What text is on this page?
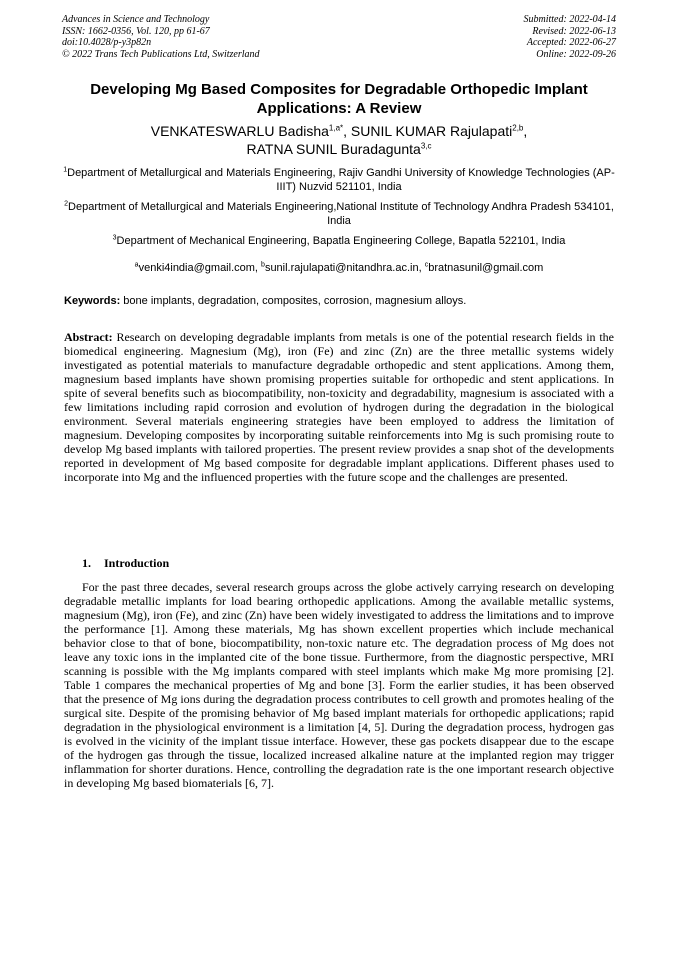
Advances in Science and Technology
ISSN: 1662-0356, Vol. 120, pp 61-67
doi:10.4028/p-y3p82n
© 2022 Trans Tech Publications Ltd, Switzerland
Submitted: 2022-04-14
Revised: 2022-06-13
Accepted: 2022-06-27
Online: 2022-09-26
Developing Mg Based Composites for Degradable Orthopedic Implant Applications: A Review
VENKATESWARLU Badisha$^{1,a*}$, SUNIL KUMAR Rajulapati$^{2,b}$,
RATNA SUNIL Buradagunta$^{3,c}$
$^1$Department of Metallurgical and Materials Engineering, Rajiv Gandhi University of Knowledge Technologies (AP-IIIT) Nuzvid 521101, India
$^2$Department of Metallurgical and Materials Engineering,National Institute of Technology Andhra Pradesh 534101, India
$^3$Department of Mechanical Engineering, Bapatla Engineering College, Bapatla 522101, India
$^a$venki4india@gmail.com, $^b$sunil.rajulapati@nitandhra.ac.in, $^c$bratnasunil@gmail.com
Keywords: bone implants, degradation, composites, corrosion, magnesium alloys.
Abstract: Research on developing degradable implants from metals is one of the potential research fields in the biomedical engineering. Magnesium (Mg), iron (Fe) and zinc (Zn) are the three metallic systems widely investigated as potential materials to manufacture degradable orthopedic and stent applications. Among them, magnesium based implants have shown promising properties suitable for orthopedic and stent applications. In spite of several benefits such as biocompatibility, non-toxicity and degradability, magnesium is associated with a few limitations including rapid corrosion and evolution of hydrogen during the degradation in the biological environment. Several materials engineering strategies have been employed to address the limitation of magnesium. Developing composites by incorporating suitable reinforcements into Mg is such promising route to develop Mg based implants with tailored properties. The present review provides a snap shot of the developments reported in development of Mg based composite for degradable implant applications. Different phases used to incorporate into Mg and the influenced properties with the future scope and the challenges are presented.
1. Introduction
For the past three decades, several research groups across the globe actively carrying research on developing degradable metallic implants for load bearing orthopedic applications. Among the available metallic systems, magnesium (Mg), iron (Fe), and zinc (Zn) have been widely investigated to address the limitations and to improve the performance [1]. Among these materials, Mg has shown excellent properties which include mechanical behavior close to that of bone, biocompatibility, non-toxic nature etc. The degradation process of Mg does not leave any toxic ions in the implanted cite of the bone tissue. Furthermore, from the diagnostic perspective, MRI scanning is possible with the Mg implants compared with steel implants which make Mg more promising [2]. Table 1 compares the mechanical properties of Mg and bone [3]. Form the earlier studies, it has been observed that the presence of Mg ions during the degradation process contributes to cell growth and promotes healing of the surgical site. Despite of the promising behavior of Mg based implant materials for orthopedic applications; rapid degradation in the physiological environment is a limitation [4, 5]. During the degradation process, hydrogen gas is evolved in the vicinity of the implant tissue interface. However, these gas pockets disappear due to the escape of the hydrogen gas through the tissue, localized increased alkaline nature at the implanted region may trigger inflammation for shorter durations. Hence, controlling the degradation rate is the one important research objective in developing Mg based biomaterials [6, 7].
